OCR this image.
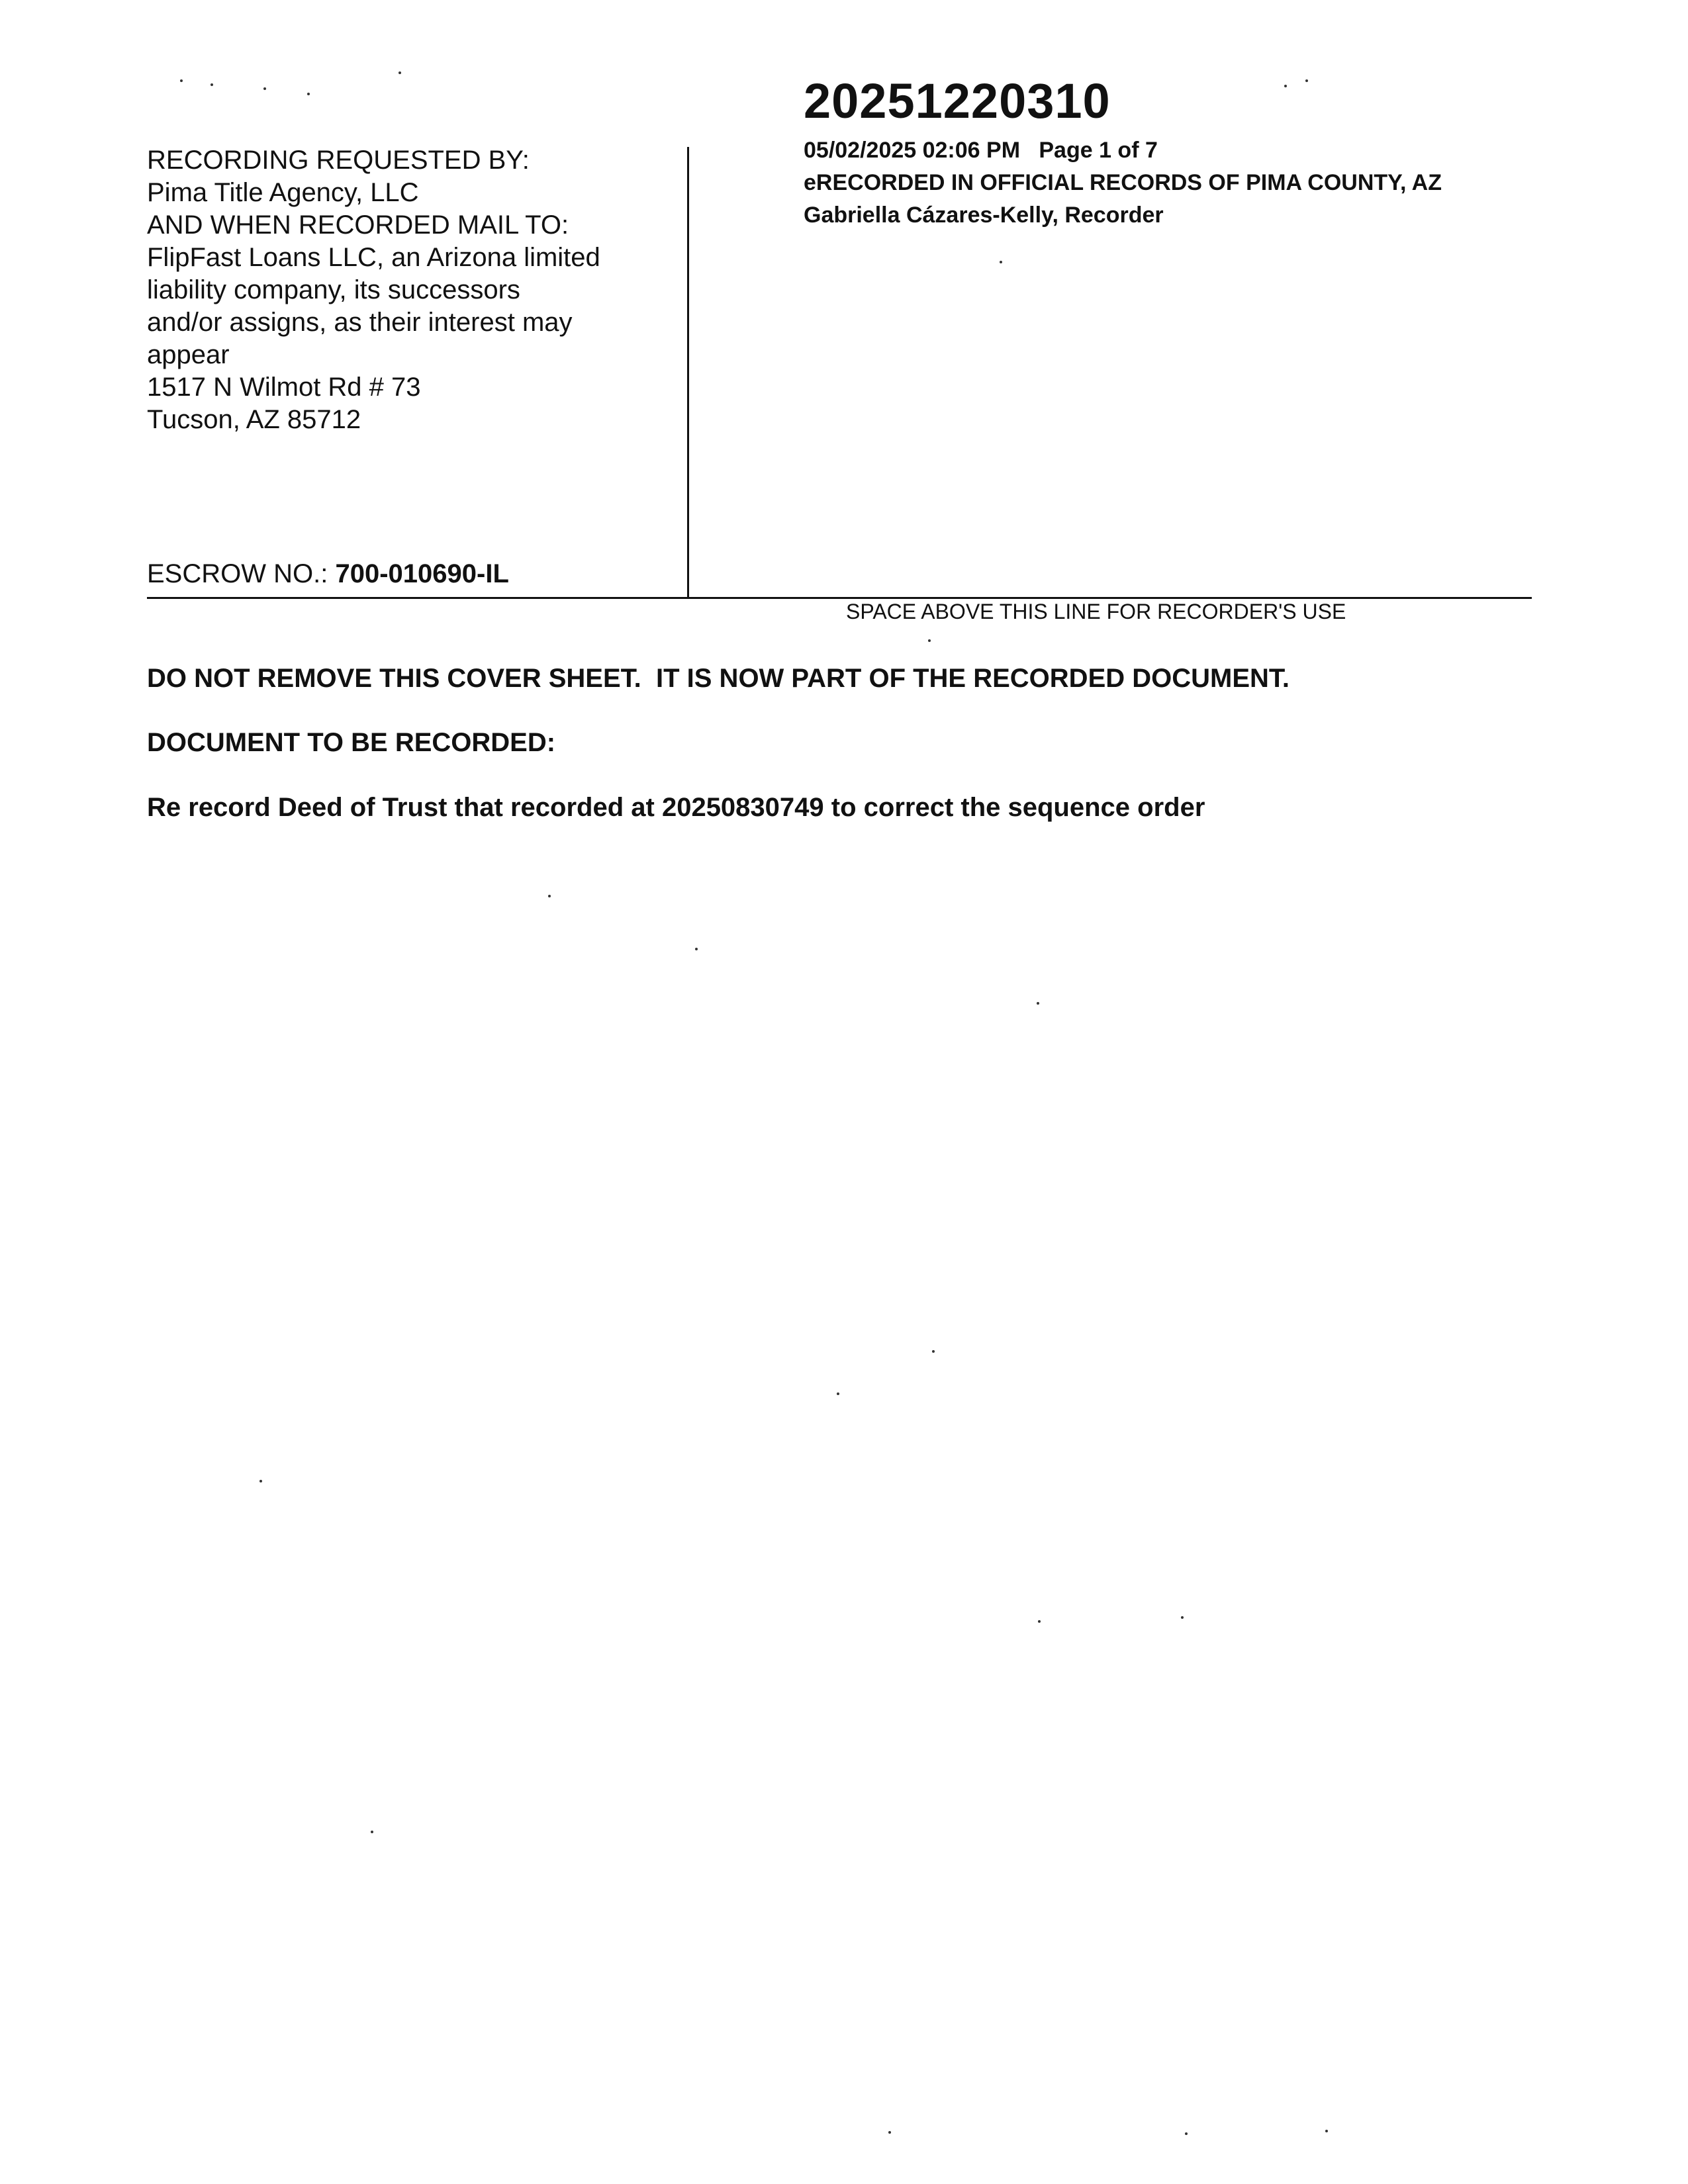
RECORDING REQUESTED BY:
Pima Title Agency, LLC
AND WHEN RECORDED MAIL TO:
FlipFast Loans LLC, an Arizona limited
liability company, its successors
and/or assigns, as their interest may
appear
1517 N Wilmot Rd # 73
Tucson, AZ 85712
ESCROW NO.: 700-010690-IL
20251220310
05/02/2025 02:06 PM   Page 1 of 7
eRECORDED IN OFFICIAL RECORDS OF PIMA COUNTY, AZ
Gabriella Cázares-Kelly, Recorder
SPACE ABOVE THIS LINE FOR RECORDER'S USE
DO NOT REMOVE THIS COVER SHEET.  IT IS NOW PART OF THE RECORDED DOCUMENT.
DOCUMENT TO BE RECORDED:
Re record Deed of Trust that recorded at 20250830749 to correct the sequence order
